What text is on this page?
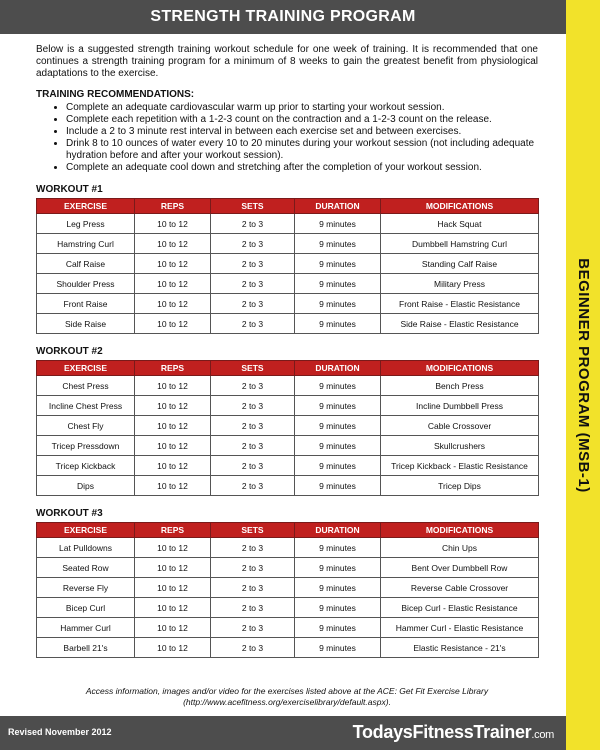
STRENGTH TRAINING PROGRAM
BEGINNER PROGRAM (MSB-1)

Below is a suggested strength training workout schedule for one week of training. It is recommended that one continues a strength training program for a minimum of 8 weeks to gain the greatest benefit from physiological adaptations to the exercise.

TRAINING RECOMMENDATIONS:
• Complete an adequate cardiovascular warm up prior to starting your workout session.
• Complete each repetition with a 1-2-3 count on the contraction and a 1-2-3 count on the release.
• Include a 2 to 3 minute rest interval in between each exercise set and between exercises.
• Drink 8 to 10 ounces of water every 10 to 20 minutes during your workout session (not including adequate hydration before and after your workout session).
• Complete an adequate cool down and stretching after the completion of your workout session.
WORKOUT #1
EXERCISE	REPS	SETS	DURATION	MODIFICATIONS
Leg Press	10 to 12	2 to 3	9 minutes	Hack Squat
Hamstring Curl	10 to 12	2 to 3	9 minutes	Dumbbell Hamstring Curl
Calf Raise	10 to 12	2 to 3	9 minutes	Standing Calf Raise
Shoulder Press	10 to 12	2 to 3	9 minutes	Military Press
Front Raise	10 to 12	2 to 3	9 minutes	Front Raise - Elastic Resistance
Side Raise	10 to 12	2 to 3	9 minutes	Side Raise - Elastic Resistance
WORKOUT #2
EXERCISE	REPS	SETS	DURATION	MODIFICATIONS
Chest Press	10 to 12	2 to 3	9 minutes	Bench Press
Incline Chest Press	10 to 12	2 to 3	9 minutes	Incline Dumbbell Press
Chest Fly	10 to 12	2 to 3	9 minutes	Cable Crossover
Tricep Pressdown	10 to 12	2 to 3	9 minutes	Skullcrushers
Tricep Kickback	10 to 12	2 to 3	9 minutes	Tricep Kickback - Elastic Resistance
Dips	10 to 12	2 to 3	9 minutes	Tricep Dips
WORKOUT #3
EXERCISE	REPS	SETS	DURATION	MODIFICATIONS
Lat Pulldowns	10 to 12	2 to 3	9 minutes	Chin Ups
Seated Row	10 to 12	2 to 3	9 minutes	Bent Over Dumbbell Row
Reverse Fly	10 to 12	2 to 3	9 minutes	Reverse Cable Crossover
Bicep Curl	10 to 12	2 to 3	9 minutes	Bicep Curl - Elastic Resistance
Hammer Curl	10 to 12	2 to 3	9 minutes	Hammer Curl - Elastic Resistance
Barbell 21's	10 to 12	2 to 3	9 minutes	Elastic Resistance - 21's
Access information, images and/or video for the exercises listed above at the ACE: Get Fit Exercise Library
(http://www.acefitness.org/exerciselibrary/default.aspx).
Revised November 2012	TodaysFitnessTrainer.com
